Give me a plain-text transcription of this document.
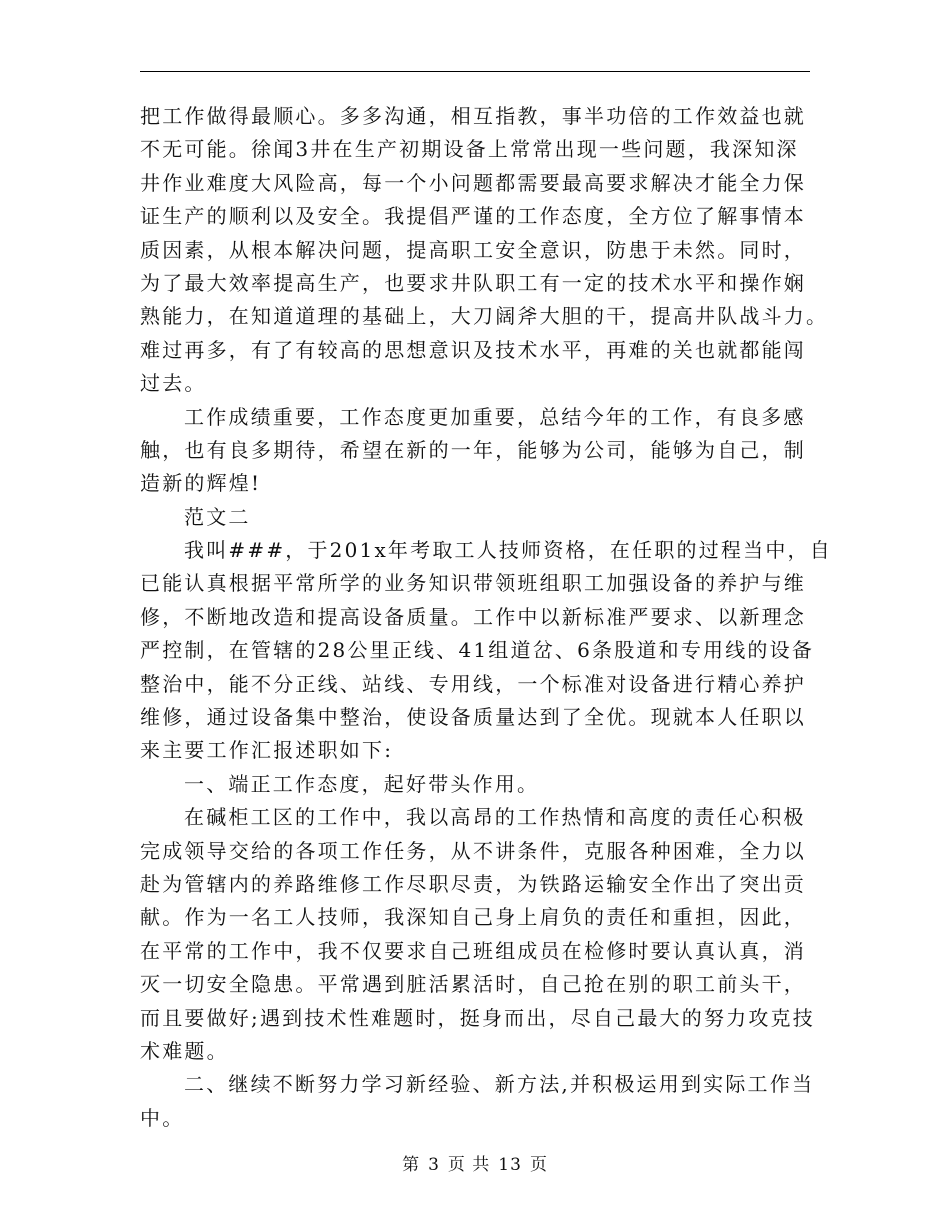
把工作做得最顺心。多多沟通，相互指教，事半功倍的工作效益也就
不无可能。徐闻3井在生产初期设备上常常出现一些问题，我深知深
井作业难度大风险高，每一个小问题都需要最高要求解决才能全力保
证生产的顺利以及安全。我提倡严谨的工作态度，全方位了解事情本
质因素，从根本解决问题，提高职工安全意识，防患于未然。同时，
为了最大效率提高生产，也要求井队职工有一定的技术水平和操作娴
熟能力，在知道道理的基础上，大刀阔斧大胆的干，提高井队战斗力。
难过再多，有了有较高的思想意识及技术水平，再难的关也就都能闯
过去。
工作成绩重要，工作态度更加重要，总结今年的工作，有良多感
触，也有良多期待，希望在新的一年，能够为公司，能够为自己，制
造新的辉煌!
范文二
我叫###，于201x年考取工人技师资格，在任职的过程当中，自
已能认真根据平常所学的业务知识带领班组职工加强设备的养护与维
修，不断地改造和提高设备质量。工作中以新标准严要求、以新理念
严控制，在管辖的28公里正线、41组道岔、6条股道和专用线的设备
整治中，能不分正线、站线、专用线，一个标准对设备进行精心养护
维修，通过设备集中整治，使设备质量达到了全优。现就本人任职以
来主要工作汇报述职如下:
一、端正工作态度，起好带头作用。
在碱柜工区的工作中，我以高昂的工作热情和高度的责任心积极
完成领导交给的各项工作任务，从不讲条件，克服各种困难，全力以
赴为管辖内的养路维修工作尽职尽责，为铁路运输安全作出了突出贡
献。作为一名工人技师，我深知自己身上肩负的责任和重担，因此，
在平常的工作中，我不仅要求自己班组成员在检修时要认真认真，消
灭一切安全隐患。平常遇到脏活累活时，自己抢在别的职工前头干，
而且要做好;遇到技术性难题时，挺身而出，尽自己最大的努力攻克技
术难题。
二、继续不断努力学习新经验、新方法,并积极运用到实际工作当
中。
第 3 页 共 13 页
